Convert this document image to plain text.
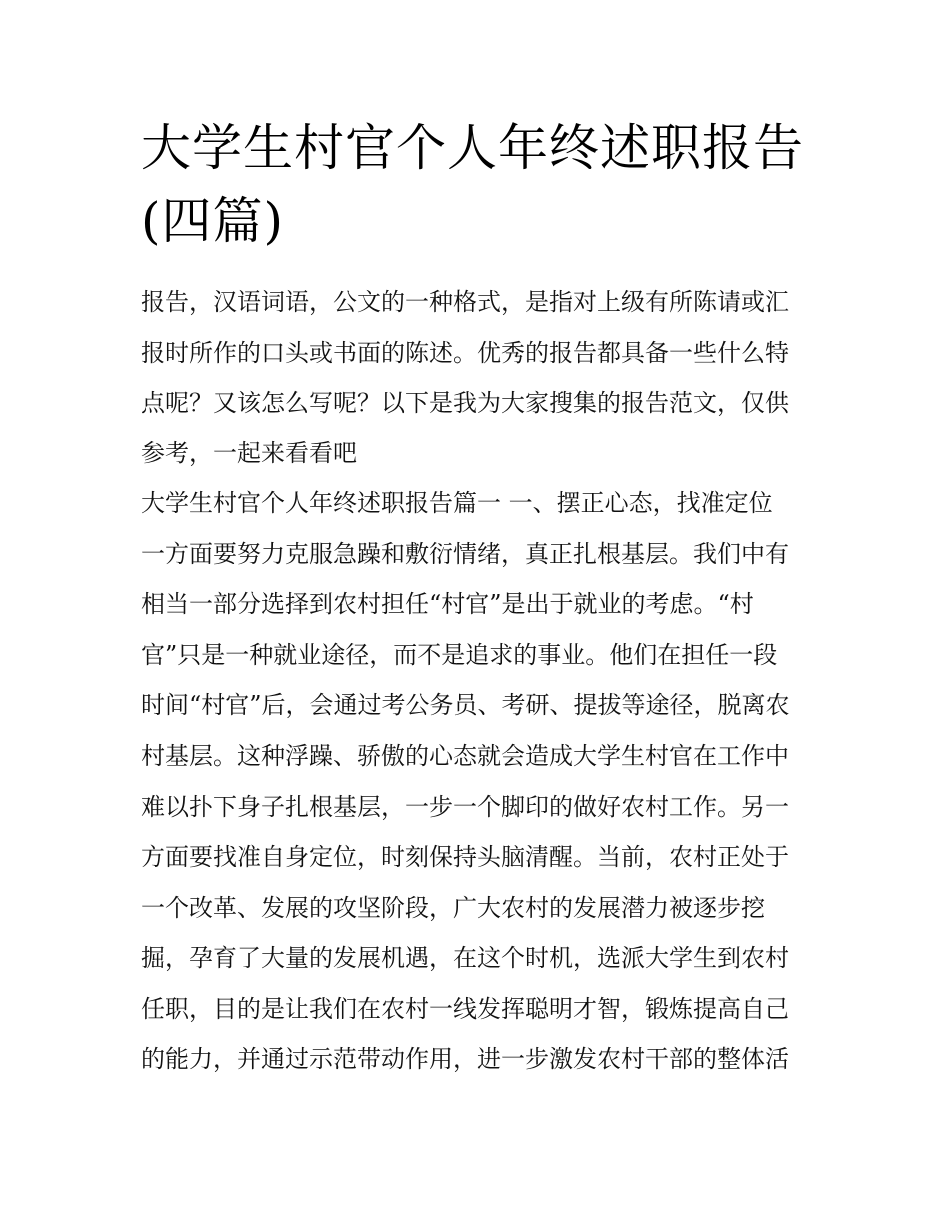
大学生村官个人年终述职报告(四篇)

报告，汉语词语，公文的一种格式，是指对上级有所陈请或汇

报时所作的口头或书面的陈述。优秀的报告都具备一些什么特

点呢？又该怎么写呢？以下是我为大家搜集的报告范文，仅供

参考，一起来看看吧

大学生村官个人年终述职报告篇一 一、摆正心态，找准定位

一方面要努力克服急躁和敷衍情绪，真正扎根基层。我们中有

相当一部分选择到农村担任“村官”是出于就业的考虑。“村

官”只是一种就业途径，而不是追求的事业。他们在担任一段

时间“村官”后，会通过考公务员、考研、提拔等途径，脱离农

村基层。这种浮躁、骄傲的心态就会造成大学生村官在工作中

难以扑下身子扎根基层，一步一个脚印的做好农村工作。另一

方面要找准自身定位，时刻保持头脑清醒。当前，农村正处于

一个改革、发展的攻坚阶段，广大农村的发展潜力被逐步挖

掘，孕育了大量的发展机遇，在这个时机，选派大学生到农村

任职，目的是让我们在农村一线发挥聪明才智，锻炼提高自己

的能力，并通过示范带动作用，进一步激发农村干部的整体活
